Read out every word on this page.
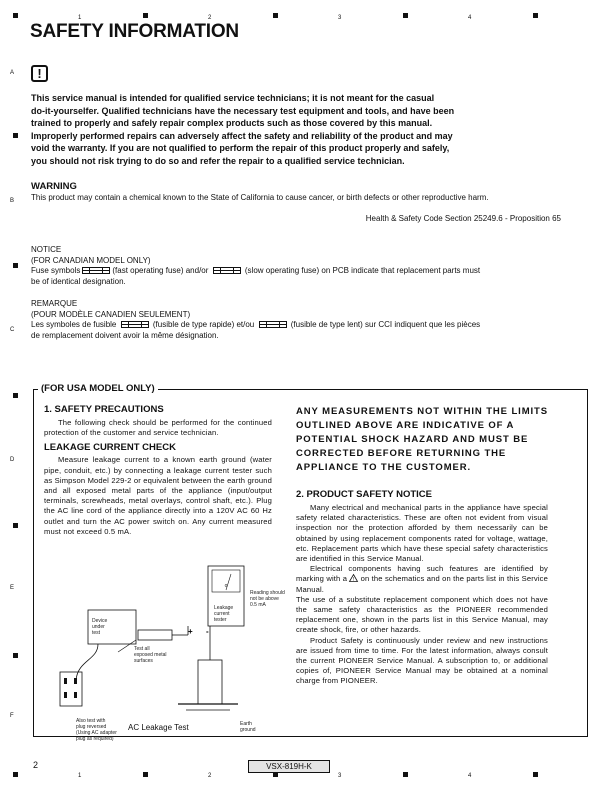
1	2	3	4
1	2	3	4
A
B
C
D
E
F
SAFETY INFORMATION
!
This service manual is intended for qualified service technicians; it is not meant for the casual
do-it-yourselfer. Qualified technicians have the necessary test equipment and tools, and have been
trained to properly and safely repair complex products such as those covered by this manual.
Improperly performed repairs can adversely affect the safety and reliability of the product and may
void the warranty. If you are not qualified to perform the repair of this product properly and safely,
you should not risk trying to do so and refer the repair to a qualified service technician.
WARNING
This product may contain a chemical known to the State of California to cause cancer, or birth defects or other reproductive harm.
Health & Safety Code Section 25249.6 - Proposition 65
NOTICE
(FOR CANADIAN MODEL ONLY)
Fuse symbols	(fast operating fuse) and/or	(slow operating fuse) on PCB indicate that replacement parts must
be of identical designation.
REMARQUE
(POUR MODÈLE CANADIEN SEULEMENT)
Les symboles de fusible	(fusible de type rapide) et/ou	(fusible de type lent) sur CCI indiquent que les pièces
de remplacement doivent avoir la même désignation.
(FOR USA MODEL ONLY)
1. SAFETY PRECAUTIONS
The following check should be performed for the continued protection of the customer and service technician.
LEAKAGE CURRENT CHECK
Measure leakage current to a known earth ground (water pipe, conduit, etc.) by connecting a leakage current tester such as Simpson Model 229-2 or equivalent between the earth ground and all exposed metal parts of the appliance (input/output terminals, screwheads, metal overlays, control shaft, etc.). Plug the AC line cord of the appliance directly into a 120V AC 60 Hz outlet and turn the AC power switch on. Any current measured must not exceed 0.5 mA.
ANY MEASUREMENTS NOT WITHIN THE LIMITS OUTLINED ABOVE ARE INDICATIVE OF A POTENTIAL SHOCK HAZARD AND MUST BE CORRECTED BEFORE RETURNING THE APPLIANCE TO THE CUSTOMER.
2. PRODUCT SAFETY NOTICE
Many electrical and mechanical parts in the appliance have special safety related characteristics. These are often not evident from visual inspection nor the protection afforded by them necessarily can be obtained by using replacement components rated for voltage, wattage, etc. Replacement parts which have these special safety characteristics are identified in this Service Manual.
Electrical components having such features are identified by marking with a ! on the schematics and on the parts list in this Service Manual.
The use of a substitute replacement component which does not have the same safety characteristics as the PIONEER recommended replacement one, shown in the parts list in this Service Manual, may create shock, fire, or other hazards.
Product Safety is continuously under review and new instructions are issued from time to time. For the latest information, always consult the current PIONEER Service Manual. A subscription to, or additional copies of, PIONEER Service Manual may be obtained at a nominal charge from PIONEER.
o
Leakage
current
tester
Reading should
not be above
0.5 mA
+ -
Device
under
test
Test all
exposed metal
surfaces
Also test with
plug reversed
(Using AC adapter
plug as required)
Earth
ground
AC Leakage Test
2	VSX-819H-K
